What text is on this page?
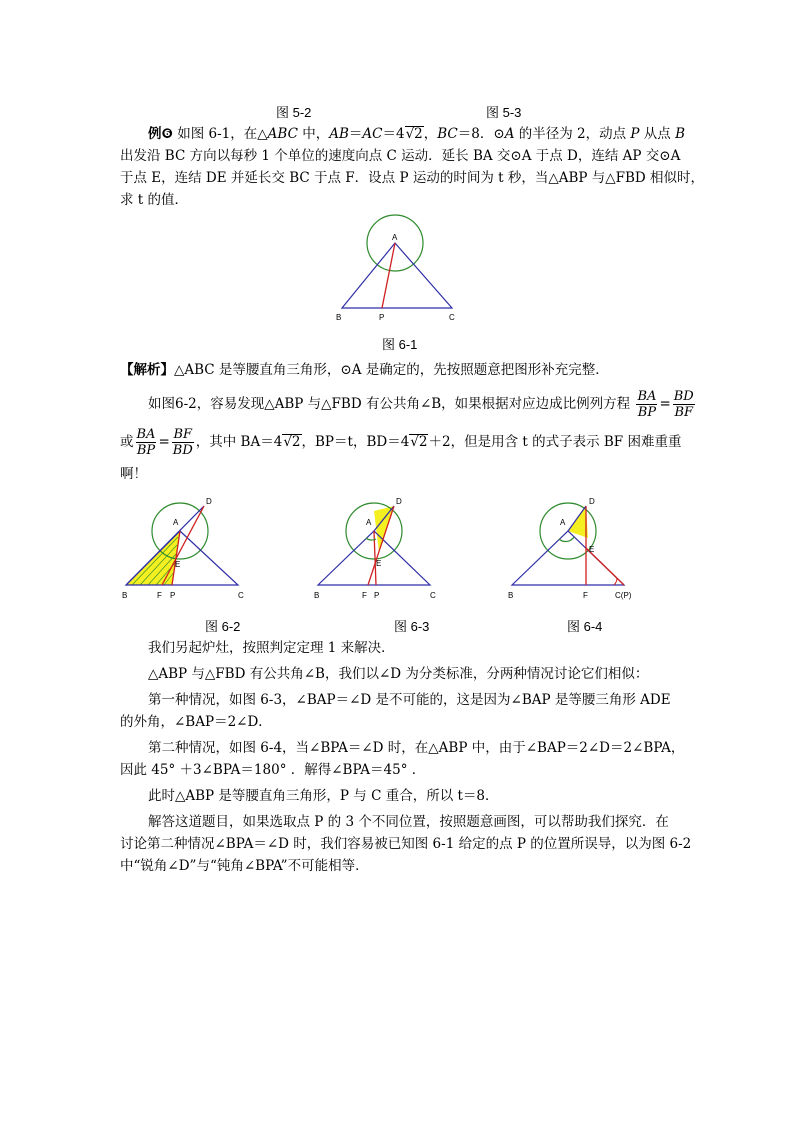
图 5-2	图 5-3
例❻ 如图 6-1，在△ABC 中，AB＝AC＝4√2，BC＝8．⊙A 的半径为 2，动点 P 从点 B
出发沿 BC 方向以每秒 1 个单位的速度向点 C 运动．延长 BA 交⊙A 于点 D，连结 AP 交⊙A
于点 E，连结 DE 并延长交 BC 于点 F．设点 P 运动的时间为 t 秒，当△ABP 与△FBD 相似时，
求 t 的值．
A
B	P	C
图 6-1
【解析】△ABC 是等腰直角三角形，⊙A 是确定的，先按照题意把图形补充完整．
如图6-2，容易发现△ABP 与△FBD 有公共角∠B，如果根据对应边成比例列方程 $\frac{BA}{BP} = \frac{BD}{BF}$
或 $\frac{BA}{BP} = \frac{BF}{BD}$ ，其中 BA＝4√2，BP＝t，BD＝4√2＋2，但是用含 t 的式子表示 BF 困难重重
啊！
A
D
E
B	F P	C
图 6-2
A
D
E
B	F P	C
图 6-3
A
D
E
B	F	C(P)
图 6-4
我们另起炉灶，按照判定定理 1 来解决．
△ABP 与△FBD 有公共角∠B，我们以∠D 为分类标准，分两种情况讨论它们相似：
第一种情况，如图 6-3，∠BAP＝∠D 是不可能的，这是因为∠BAP 是等腰三角形 ADE
的外角，∠BAP＝2∠D．
第二种情况，如图 6-4，当∠BPA＝∠D 时，在△ABP 中，由于∠BAP＝2∠D＝2∠BPA，
因此 45° ＋3∠BPA＝180° ．解得∠BPA＝45° ．
此时△ABP 是等腰直角三角形，P 与 C 重合，所以 t＝8．
解答这道题目，如果选取点 P 的 3 个不同位置，按照题意画图，可以帮助我们探究．在
讨论第二种情况∠BPA＝∠D 时，我们容易被已知图 6-1 给定的点 P 的位置所误导，以为图 6-2
中“锐角∠D”与“钝角∠BPA”不可能相等．
